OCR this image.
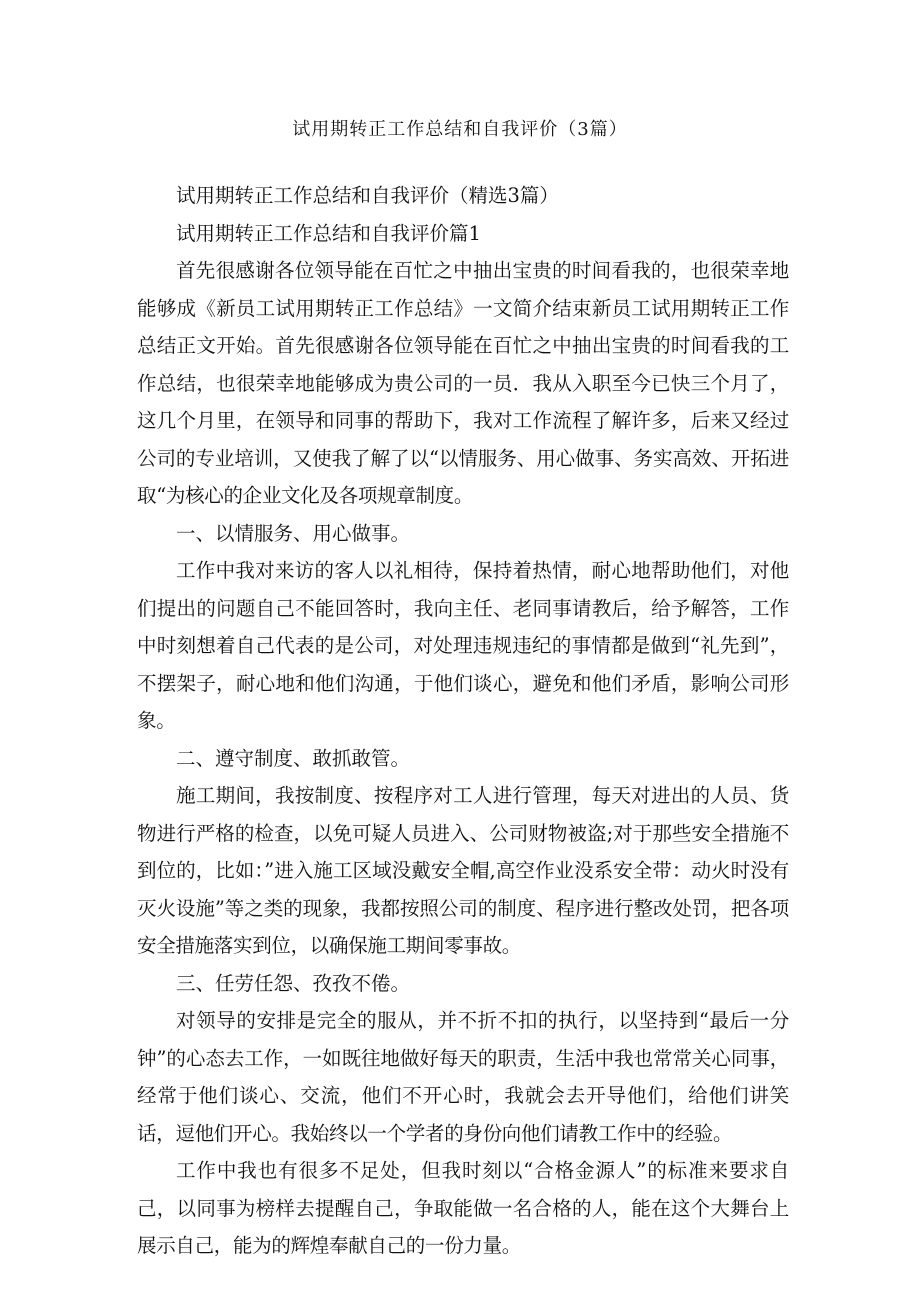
试用期转正工作总结和自我评价（3篇）

试用期转正工作总结和自我评价（精选3篇）

试用期转正工作总结和自我评价篇1

首先很感谢各位领导能在百忙之中抽出宝贵的时间看我的，也很荣幸地能够成《新员工试用期转正工作总结》一文简介结束新员工试用期转正工作总结正文开始。首先很感谢各位领导能在百忙之中抽出宝贵的时间看我的工作总结，也很荣幸地能够成为贵公司的一员．我从入职至今已快三个月了，这几个月里，在领导和同事的帮助下，我对工作流程了解许多，后来又经过公司的专业培训，又使我了解了以“以情服务、用心做事、务实高效、开拓进取“为核心的企业文化及各项规章制度。

一、以情服务、用心做事。

工作中我对来访的客人以礼相待，保持着热情，耐心地帮助他们，对他们提出的问题自己不能回答时，我向主任、老同事请教后，给予解答，工作中时刻想着自己代表的是公司，对处理违规违纪的事情都是做到“礼先到”，不摆架子，耐心地和他们沟通，于他们谈心，避免和他们矛盾，影响公司形象。

二、遵守制度、敢抓敢管。

施工期间，我按制度、按程序对工人进行管理，每天对进出的人员、货物进行严格的检查，以免可疑人员进入、公司财物被盗;对于那些安全措施不到位的，比如：”进入施工区域没戴安全帽,高空作业没系安全带：动火时没有灭火设施”等之类的现象，我都按照公司的制度、程序进行整改处罚，把各项安全措施落实到位，以确保施工期间零事故。

三、任劳任怨、孜孜不倦。

对领导的安排是完全的服从，并不折不扣的执行，以坚持到“最后一分钟”的心态去工作，一如既往地做好每天的职责，生活中我也常常关心同事，经常于他们谈心、交流，他们不开心时，我就会去开导他们，给他们讲笑话，逗他们开心。我始终以一个学者的身份向他们请教工作中的经验。

工作中我也有很多不足处，但我时刻以“合格金源人”的标准来要求自己，以同事为榜样去提醒自己，争取能做一名合格的人，能在这个大舞台上展示自己，能为的辉煌奉献自己的一份力量。
